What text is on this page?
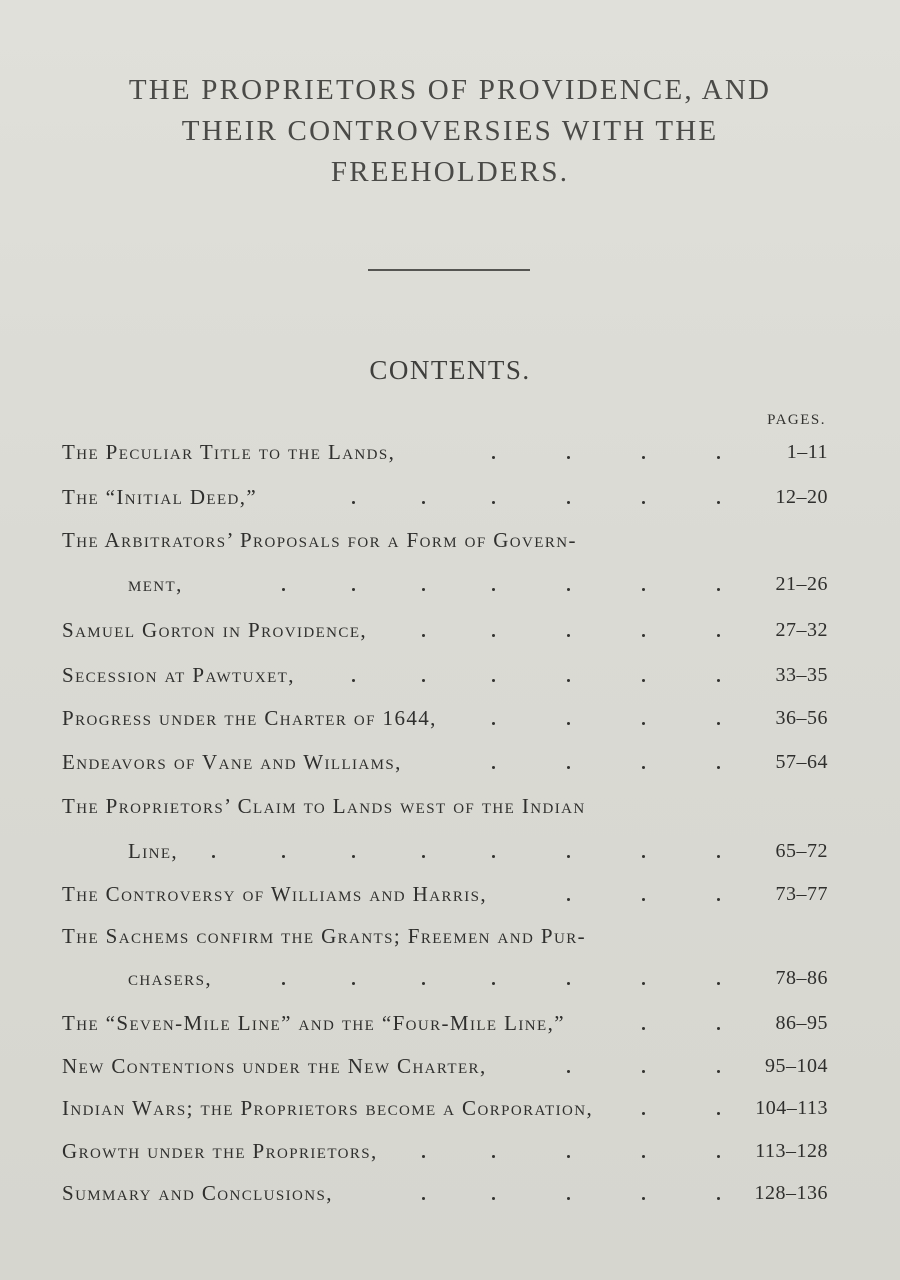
THE PROPRIETORS OF PROVIDENCE, AND
THEIR CONTROVERSIES WITH THE
FREEHOLDERS.
CONTENTS.
PAGES.
The Peculiar Title to the Lands,	1–11
The “Initial Deed,”	12–20
The Arbitrators’ Proposals for a Form of Govern-
ment,	21–26
Samuel Gorton in Providence,	27–32
Secession at Pawtuxet,	33–35
Progress under the Charter of 1644,	36–56
Endeavors of Vane and Williams,	57–64
The Proprietors’ Claim to Lands west of the Indian
Line,	65–72
The Controversy of Williams and Harris,	73–77
The Sachems confirm the Grants; Freemen and Pur-
chasers,	78–86
The “Seven-Mile Line” and the “Four-Mile Line,”	86–95
New Contentions under the New Charter,	95–104
Indian Wars; the Proprietors become a Corporation,	104–113
Growth under the Proprietors,	113–128
Summary and Conclusions,	128–136
